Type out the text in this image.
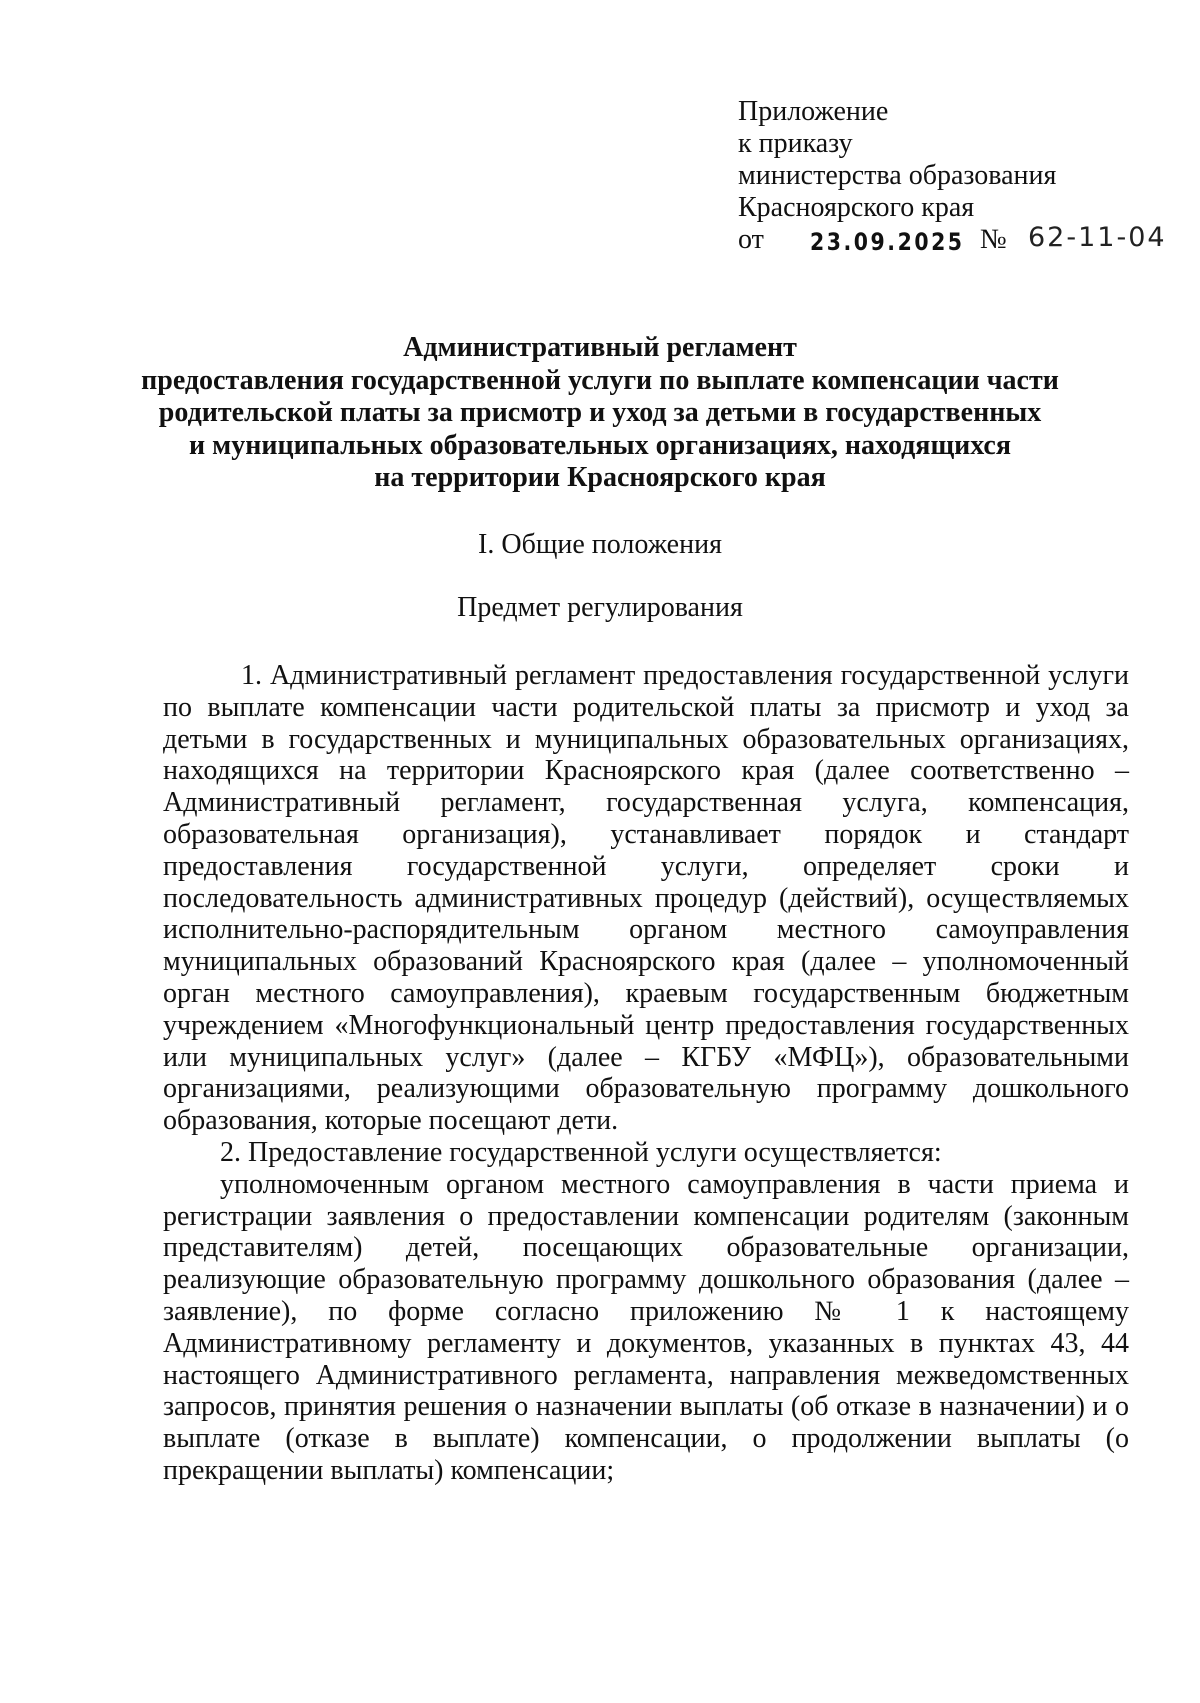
Приложение
к приказу
министерства образования
Красноярского края
от 23.09.2025 № 62-11-04
Административный регламент
предоставления государственной услуги по выплате компенсации части
родительской платы за присмотр и уход за детьми в государственных
и муниципальных образовательных организациях, находящихся
на территории Красноярского края
I. Общие положения
Предмет регулирования

1. Административный регламент предоставления государственной услуги по выплате компенсации части родительской платы за присмотр и уход за детьми в государственных и муниципальных образовательных организациях, находящихся на территории Красноярского края (далее соответственно – Административный регламент, государственная услуга, компенсация, образовательная организация), устанавливает порядок и стандарт предоставления государственной услуги, определяет сроки и последовательность административных процедур (действий), осуществляемых исполнительно-распорядительным органом местного самоуправления муниципальных образований Красноярского края (далее – уполномоченный орган местного самоуправления), краевым государственным бюджетным учреждением «Многофункциональный центр предоставления государственных или муниципальных услуг» (далее – КГБУ «МФЦ»), образовательными организациями, реализующими образовательную программу дошкольного образования, которые посещают дети.

2. Предоставление государственной услуги осуществляется:

уполномоченным органом местного самоуправления в части приема и регистрации заявления о предоставлении компенсации родителям (законным представителям) детей, посещающих образовательные организации, реализующие образовательную программу дошкольного образования (далее – заявление), по форме согласно приложению № 1 к настоящему Административному регламенту и документов, указанных в пунктах 43, 44 настоящего Административного регламента, направления межведомственных запросов, принятия решения о назначении выплаты (об отказе в назначении) и о выплате (отказе в выплате) компенсации, о продолжении выплаты (о прекращении выплаты) компенсации;
